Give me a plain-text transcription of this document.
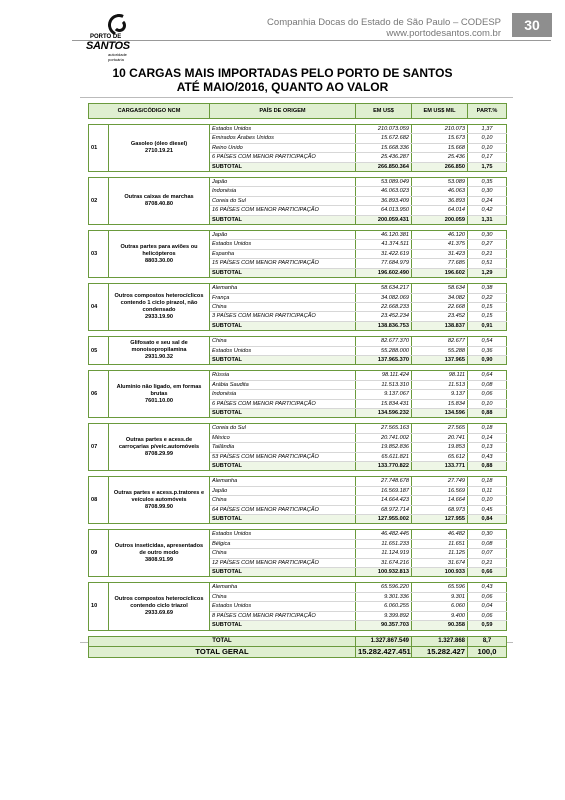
PORTO DE
SANTOS
autoridade portuária
Companhia Docas do Estado de São Paulo – CODESP
www.portodesantos.com.br
30
10 CARGAS MAIS IMPORTADAS PELO PORTO DE SANTOS
ATÉ MAIO/2016, QUANTO AO VALOR
CARGAS/CÓDIGO NCM		PAÍS DE ORIGEM	EM US$	EM US$ MIL	PART.%

01	Gasoleo (óleo diesel)
2710.19.21	Estados Unidos	210.073.059	210.073	1,37
		Emirados Árabes Unidos	15.672.682	15.673	0,10
		Reino Unido	15.668.336	15.668	0,10
		6 PAÍSES COM MENOR PARTICIPAÇÃO	25.436.287	25.436	0,17
		SUBTOTAL	266.850.364	266.850	1,75

02	Outras caixas de marchas
8708.40.80	Japão	53.089.049	53.089	0,35
		Indonésia	46.063.023	46.063	0,30
		Coreia do Sul	36.893.409	36.893	0,24
		16 PAÍSES COM MENOR PARTICIPAÇÃO	64.013.950	64.014	0,42
		SUBTOTAL	200.059.431	200.059	1,31

03	Outras partes para aviões ou helicópteros
8803.30.00	Japão	46.120.381	46.120	0,30
		Estados Unidos	41.374.511	41.375	0,27
		Espanha	31.422.619	31.423	0,21
		15 PAÍSES COM MENOR PARTICIPAÇÃO	77.684.979	77.685	0,51
		SUBTOTAL	196.602.490	196.602	1,29

04	Outros compostos heterocíclicos contendo 1 ciclo pirazol, não condensado
2933.19.90	Alemanha	58.634.217	58.634	0,38
		França	34.082.069	34.082	0,22
		China	22.668.233	22.668	0,15
		3 PAÍSES COM MENOR PARTICIPAÇÃO	23.452.234	23.452	0,15
		SUBTOTAL	138.836.753	138.837	0,91

05	Glifosato e seu sal de monoisopropilamina
2931.90.32	China	82.677.370	82.677	0,54
		Estados Unidos	55.288.000	55.288	0,36
		SUBTOTAL	137.965.370	137.965	0,90

06	Alumínio não ligado, em formas brutas
7601.10.00	Rússia	98.111.424	98.111	0,64
		Arábia Saudita	11.513.310	11.513	0,08
		Indonésia	9.137.067	9.137	0,06
		6 PAÍSES COM MENOR PARTICIPAÇÃO	15.834.431	15.834	0,10
		SUBTOTAL	134.596.232	134.596	0,88

07	Outras partes e acess.de carroçarias p/veic.automóveis
8708.29.99	Coreia do Sul	27.565.163	27.565	0,18
		México	20.741.002	20.741	0,14
		Tailândia	19.852.836	19.853	0,13
		53 PAÍSES COM MENOR PARTICIPAÇÃO	65.611.821	65.612	0,43
		SUBTOTAL	133.770.822	133.771	0,88

08	Outras partes e acess.p.tratores e veículos automóveis
8708.99.90	Alemanha	27.748.678	27.749	0,18
		Japão	16.569.187	16.569	0,11
		China	14.664.423	14.664	0,10
		64 PAÍSES COM MENOR PARTICIPAÇÃO	68.972.714	68.973	0,45
		SUBTOTAL	127.955.002	127.955	0,84

09	Outros inseticidas, apresentados de outro modo
3808.91.99	Estados Unidos	46.482.445	46.482	0,30
		Bélgica	11.651.233	11.651	0,08
		China	11.124.919	11.125	0,07
		12 PAÍSES COM MENOR PARTICIPAÇÃO	31.674.216	31.674	0,21
		SUBTOTAL	100.932.813	100.933	0,66

10	Outros compostos heterocíclicos contendo ciclo triazol
2933.69.69	Alemanha	65.596.220	65.596	0,43
		China	9.301.336	9.301	0,06
		Estados Unidos	6.060.255	6.060	0,04
		8 PAÍSES COM MENOR PARTICIPAÇÃO	9.399.892	9.400	0,06
		SUBTOTAL	90.357.703	90.358	0,59

TOTAL			1.327.867.549	1.327.868	8,7
TOTAL GERAL			15.282.427.451	15.282.427	100,0
